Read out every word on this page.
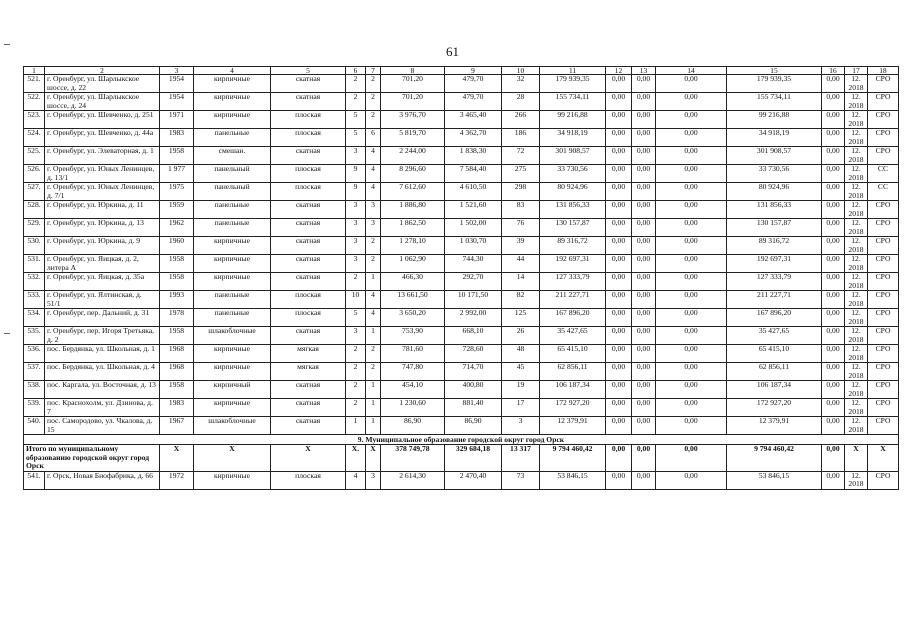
61
1	2	3	4	5	6	7	8	9	10	11	12	13	14	15	16	17	18
521.	г. Оренбург, ул. Шарлыкское шоссе, д. 22	1954	кирпичные	скатная	2	2	701,20	479,70	32	179 939,35	0,00	0,00	0,00	179 939,35	0,00	12. 2018	СРО
522.	г. Оренбург, ул. Шарлыкское шоссе, д. 24	1954	кирпичные	скатная	2	2	701,20	479,70	28	155 734,11	0,00	0,00	0,00	155 734,11	0,00	12. 2018	СРО
523.	г. Оренбург, ул. Шевченко, д. 251	1971	кирпичные	плоская	5	2	3 976,70	3 465,40	266	99 216,88	0,00	0,00	0,00	99 216,88	0,00	12. 2018	СРО
524.	г. Оренбург, ул. Шевченко, д. 44а	1983	панельные	плоская	5	6	5 819,70	4 362,70	186	34 918,19	0,00	0,00	0,00	34 918,19	0,00	12. 2018	СРО
525.	г. Оренбург, ул. Элеваторная, д. 1	1958	смешан.	скатная	3	4	2 244,00	1 838,30	72	301 908,57	0,00	0,00	0,00	301 908,57	0,00	12. 2018	СРО
526.	г. Оренбург, ул. Юных Ленинцев, д. 13/1	1 977	панельный	плоская	9	4	8 296,60	7 584,40	275	33 730,56	0,00	0,00	0,00	33 730,56	0,00	12. 2018	СС
527.	г. Оренбург, ул. Юных Ленинцев, д. 7/1	1975	панельный	плоская	9	4	7 612,60	4 610,50	298	80 924,96	0,00	0,00	0,00	80 924,96	0,00	12. 2018	СС
528.	г. Оренбург, ул. Юркина, д. 11	1959	панельные	скатная	3	3	1 886,80	1 521,60	83	131 856,33	0,00	0,00	0,00	131 856,33	0,00	12. 2018	СРО
529.	г. Оренбург, ул. Юркина, д. 13	1962	панельные	скатная	3	3	1 862,50	1 502,00	76	130 157,87	0,00	0,00	0,00	130 157,87	0,00	12. 2018	СРО
530.	г. Оренбург, ул. Юркина, д. 9	1960	кирпичные	скатная	3	2	1 278,10	1 030,70	39	89 316,72	0,00	0,00	0,00	89 316,72	0,00	12. 2018	СРО
531.	г. Оренбург, ул. Яицкая, д. 2, литера А	1958	кирпичные	скатная	3	2	1 062,90	744,30	44	192 697,31	0,00	0,00	0,00	192 697,31	0,00	12. 2018	СРО
532.	г. Оренбург, ул. Яицкая, д. 35а	1958	кирпичные	скатная	2	1	466,30	292,70	14	127 333,79	0,00	0,00	0,00	127 333,79	0,00	12. 2018	СРО
533.	г. Оренбург, ул. Ялтинская, д. 51/1	1993	панельные	плоская	10	4	13 661,50	10 171,50	82	211 227,71	0,00	0,00	0,00	211 227,71	0,00	12. 2018	СРО
534.	г. Оренбург, пер. Дальний, д. 31	1978	панельные	плоская	5	4	3 650,20	2 992,00	125	167 896,20	0,00	0,00	0,00	167 896,20	0,00	12. 2018	СРО
535.	г. Оренбург, пер. Игоря Третьяка, д. 2	1958	шлакоблочные	скатная	3	1	753,90	668,10	26	35 427,65	0,00	0,00	0,00	35 427,65	0,00	12. 2018	СРО
536.	пос. Бердянка, ул. Школьная, д. 1	1968	кирпичные	мягкая	2	2	781,60	728,60	48	65 415,10	0,00	0,00	0,00	65 415,10	0,00	12. 2018	СРО
537.	пос. Бердянка, ул. Школьная, д. 4	1968	кирпичные	мягкая	2	2	747,80	714,70	45	62 856,11	0,00	0,00	0,00	62 856,11	0,00	12. 2018	СРО
538.	пос. Каргала, ул. Восточная, д. 13	1958	кирпичный	скатная	2	1	454,10	400,80	19	106 187,34	0,00	0,00	0,00	106 187,34	0,00	12. 2018	СРО
539.	пос. Краснохолм, ул. Дзинова, д. 7	1983	кирпичные	скатная	2	1	1 230,60	881,40	17	172 927,20	0,00	0,00	0,00	172 927,20	0,00	12. 2018	СРО
540.	пос. Самородово, ул. Чкалова, д. 15	1967	шлакоблочные	скатная	1	1	86,90	86,90	3	12 379,91	0,00	0,00	0,00	12 379,91	0,00	12. 2018	СРО
9. Муниципальное образование городской округ город Орск																	
Итого по муниципальному образованию городской округ город Орск		X	X	X	X.	X	378 749,78	329 684,18	13 317	9 794 460,42	0,00	0,00	0,00	9 794 460,42	0,00	X	X
541.	г. Орск, Новая Биофабрика, д. 66	1972	кирпичные	плоская	4	3	2 614,30	2 470,40	73	53 846,15	0,00	0,00	0,00	53 846,15	0,00	12. 2018	СРО
